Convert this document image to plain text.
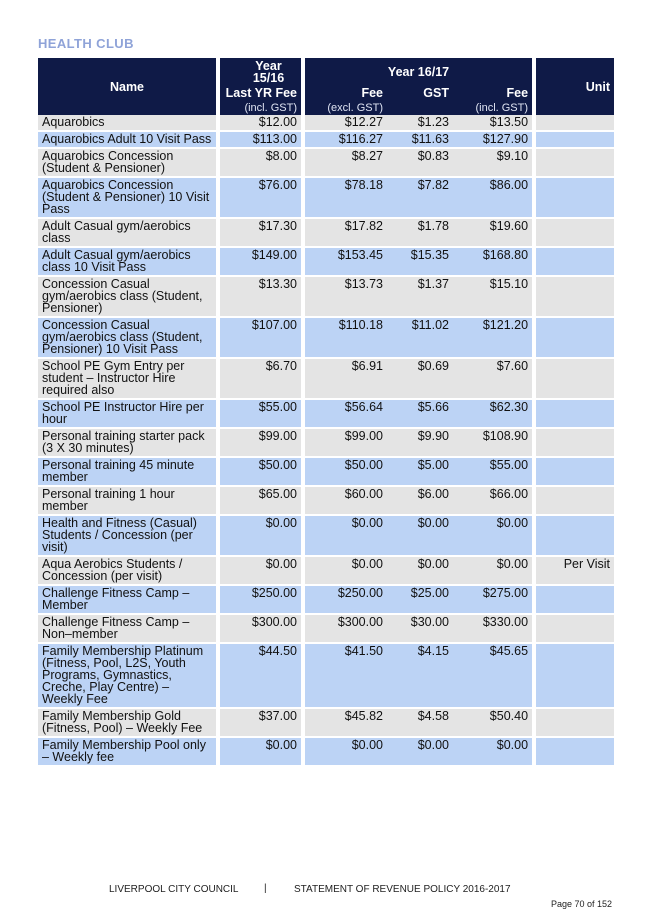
HEALTH CLUB
Name		Year 15/16		Year 16/17				Unit
		Last YR Fee		Fee	GST	Fee		

		(incl. GST)		(excl. GST)		(incl. GST)		

Aquarobics		$12.00		$12.27	$1.23	$13.50		
Aquarobics Adult 10 Visit Pass		$113.00		$116.27	$11.63	$127.90		
Aquarobics Concession (Student & Pensioner)		$8.00		$8.27	$0.83	$9.10		
Aquarobics Concession (Student & Pensioner) 10 Visit Pass		$76.00		$78.18	$7.82	$86.00		
Adult Casual gym/aerobics class		$17.30		$17.82	$1.78	$19.60		
Adult Casual gym/aerobics class 10 Visit Pass		$149.00		$153.45	$15.35	$168.80		
Concession Casual gym/aerobics class (Student, Pensioner)		$13.30		$13.73	$1.37	$15.10		
Concession Casual gym/aerobics class (Student, Pensioner) 10 Visit Pass		$107.00		$110.18	$11.02	$121.20		
School PE Gym Entry per student – Instructor Hire required also		$6.70		$6.91	$0.69	$7.60		
School PE Instructor Hire per hour		$55.00		$56.64	$5.66	$62.30		
Personal training starter pack (3 X 30 minutes)		$99.00		$99.00	$9.90	$108.90		
Personal training 45 minute member		$50.00		$50.00	$5.00	$55.00		
Personal training 1 hour member		$65.00		$60.00	$6.00	$66.00		
Health and Fitness (Casual) Students / Concession (per visit)		$0.00		$0.00	$0.00	$0.00		
Aqua Aerobics Students / Concession (per visit)		$0.00		$0.00	$0.00	$0.00		Per Visit
Challenge Fitness Camp – Member		$250.00		$250.00	$25.00	$275.00		
Challenge Fitness Camp – Non–member		$300.00		$300.00	$30.00	$330.00		
Family Membership Platinum (Fitness, Pool, L2S, Youth Programs, Gymnastics, Creche, Play Centre) – Weekly Fee		$44.50		$41.50	$4.15	$45.65		
Family Membership Gold (Fitness, Pool) – Weekly Fee		$37.00		$45.82	$4.58	$50.40		
Family Membership Pool only – Weekly fee		$0.00		$0.00	$0.00	$0.00		
LIVERPOOL CITY COUNCIL	|	STATEMENT OF REVENUE POLICY 2016-2017
Page 70 of 152
